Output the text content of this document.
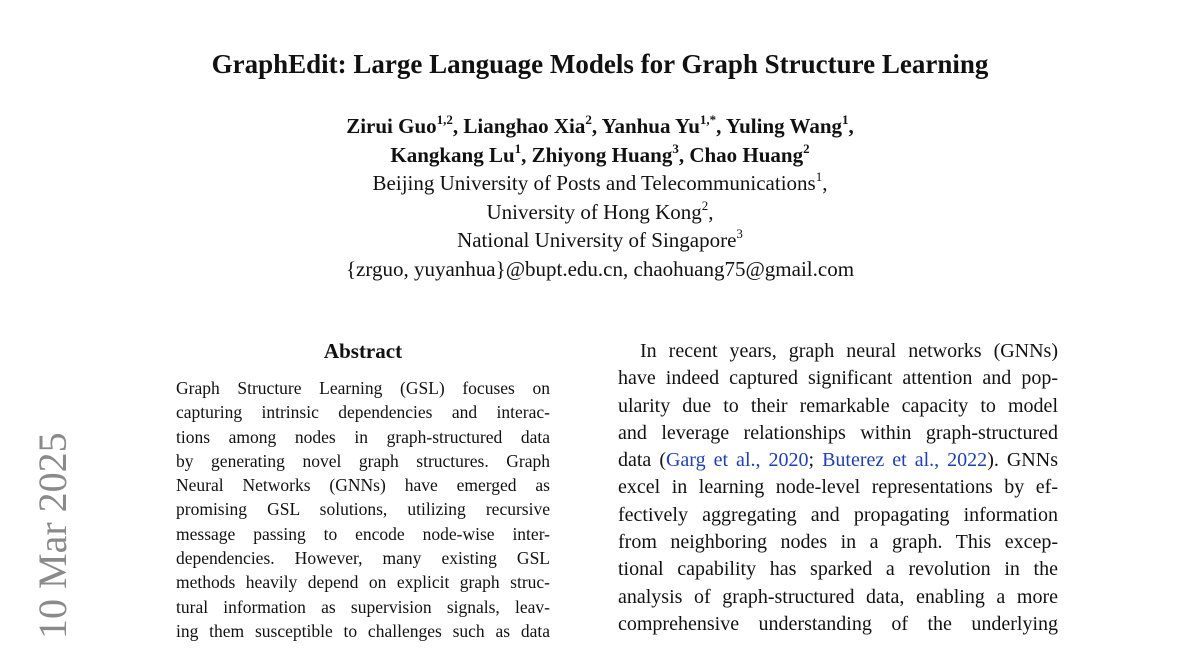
GraphEdit: Large Language Models for Graph Structure Learning
Zirui Guo$^{1,2}$, Lianghao Xia$^2$, Yanhua $Yu^{1,*}$, Yuling Wang$^1$,
Kangkang Lu$^1$, Zhiyong Huang$^3$, Chao Huang$^2$
Beijing University of Posts and Telecommunications$^1$,
University of Hong Kong$^2$,
National University of Singapore$^3$
{zrguo, yuyanhua}@bupt.edu.cn, chaohuang75@gmail.com
10 Mar 2025
Abstract
Graph Structure Learning (GSL) focuses on
capturing intrinsic dependencies and interac-
tions among nodes in graph-structured data
by generating novel graph structures. Graph
Neural Networks (GNNs) have emerged as
promising GSL solutions, utilizing recursive
message passing to encode node-wise inter-
dependencies. However, many existing GSL
methods heavily depend on explicit graph struc-
tural information as supervision signals, leav-
ing them susceptible to challenges such as data
In recent years, graph neural networks (GNNs)
have indeed captured significant attention and pop-
ularity due to their remarkable capacity to model
and leverage relationships within graph-structured
data (Garg et al., 2020; Buterez et al., 2022). GNNs
excel in learning node-level representations by ef-
fectively aggregating and propagating information
from neighboring nodes in a graph. This excep-
tional capability has sparked a revolution in the
analysis of graph-structured data, enabling a more
comprehensive understanding of the underlying
